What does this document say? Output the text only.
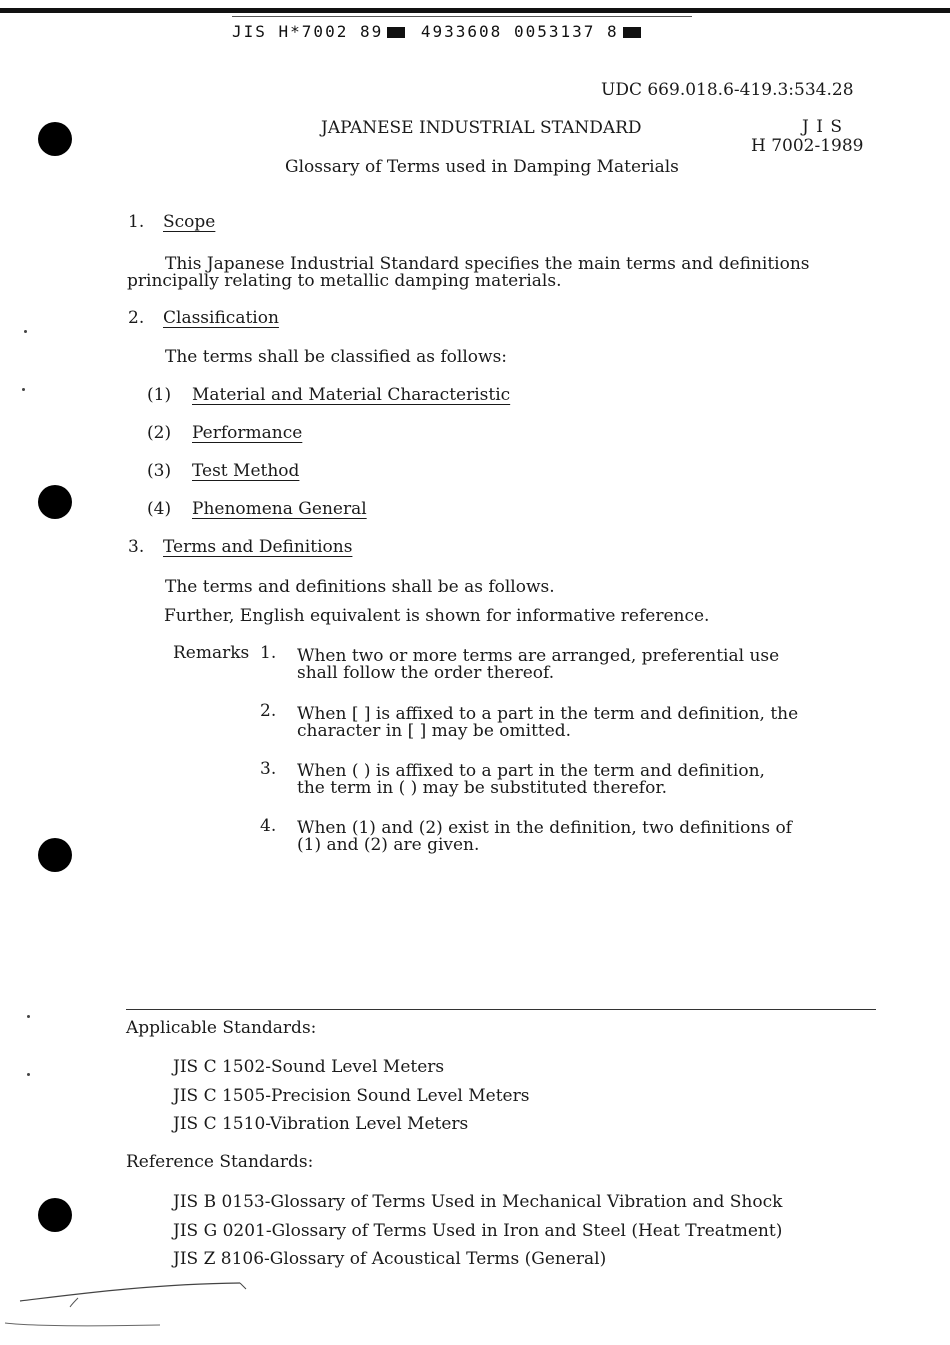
JIS H*7002 89 4933608 0053137 8
UDC 669.018.6-419.3:534.28
JAPANESE INDUSTRIAL STANDARD	J I S
H 7002-1989
Glossary of Terms used in Damping Materials
1. Scope
This Japanese Industrial Standard specifies the main terms and definitions
principally relating to metallic damping materials.
2. Classification
The terms shall be classified as follows:
(1) Material and Material Characteristic
(2) Performance
(3) Test Method
(4) Phenomena General
3. Terms and Definitions
The terms and definitions shall be as follows.
Further, English equivalent is shown for informative reference.
Remarks 1. When two or more terms are arranged, preferential use
shall follow the order thereof.
2. When [ ] is affixed to a part in the term and definition, the
character in [ ] may be omitted.
3. When ( ) is affixed to a part in the term and definition,
the term in ( ) may be substituted therefor.
4. When (1) and (2) exist in the definition, two definitions of
(1) and (2) are given.
Applicable Standards:
JIS C 1502-Sound Level Meters
JIS C 1505-Precision Sound Level Meters
JIS C 1510-Vibration Level Meters
Reference Standards:
JIS B 0153-Glossary of Terms Used in Mechanical Vibration and Shock
JIS G 0201-Glossary of Terms Used in Iron and Steel (Heat Treatment)
JIS Z 8106-Glossary of Acoustical Terms (General)
